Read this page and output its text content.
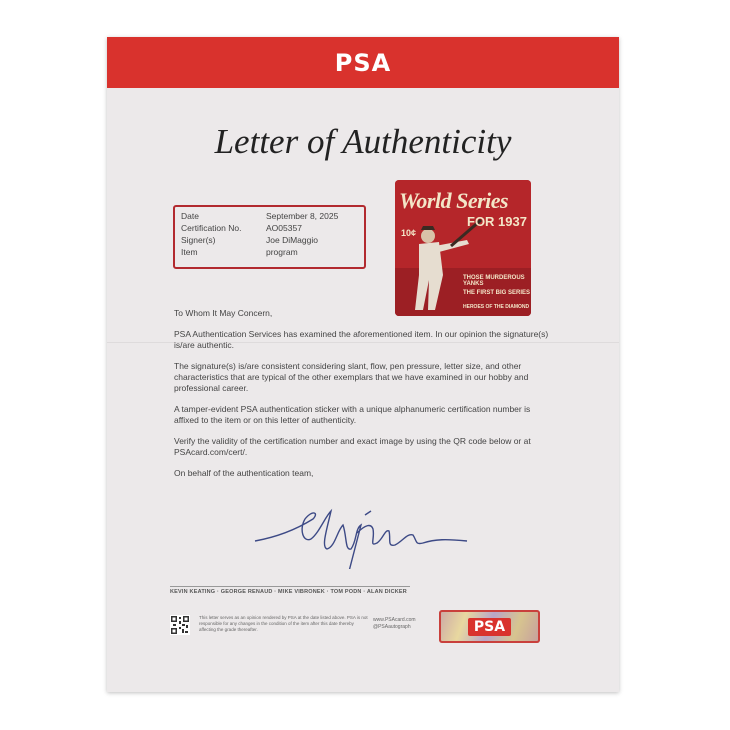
PSA
Letter of Authenticity
Date	September 8, 2025
Certification No.	AO05357
Signer(s)	Joe DiMaggio
Item	program
World Series
FOR 1937
10¢
THOSE MURDEROUS YANKS
THE FIRST BIG SERIES
HEROES OF THE DIAMOND

To Whom It May Concern,

PSA Authentication Services has examined the aforementioned item. In our opinion the signature(s) is/are authentic.

The signature(s) is/are consistent considering slant, flow, pen pressure, letter size, and other characteristics that are typical of the other exemplars that we have examined in our hobby and professional career.

A tamper-evident PSA authentication sticker with a unique alphanumeric certification number is affixed to the item or on this letter of authenticity.

Verify the validity of the certification number and exact image by using the QR code below or at PSAcard.com/cert/.

On behalf of the authentication team,

KEVIN KEATING · GEORGE RENAUD · MIKE VIBRONEK · TOM PODN · ALAN DICKER
This letter serves as an opinion rendered by PSA at the date listed above. PSA is not responsible for any changes in the condition of the item after this date thereby affecting the grade thereafter.
www.PSAcard.com
@PSAautograph	PSA
